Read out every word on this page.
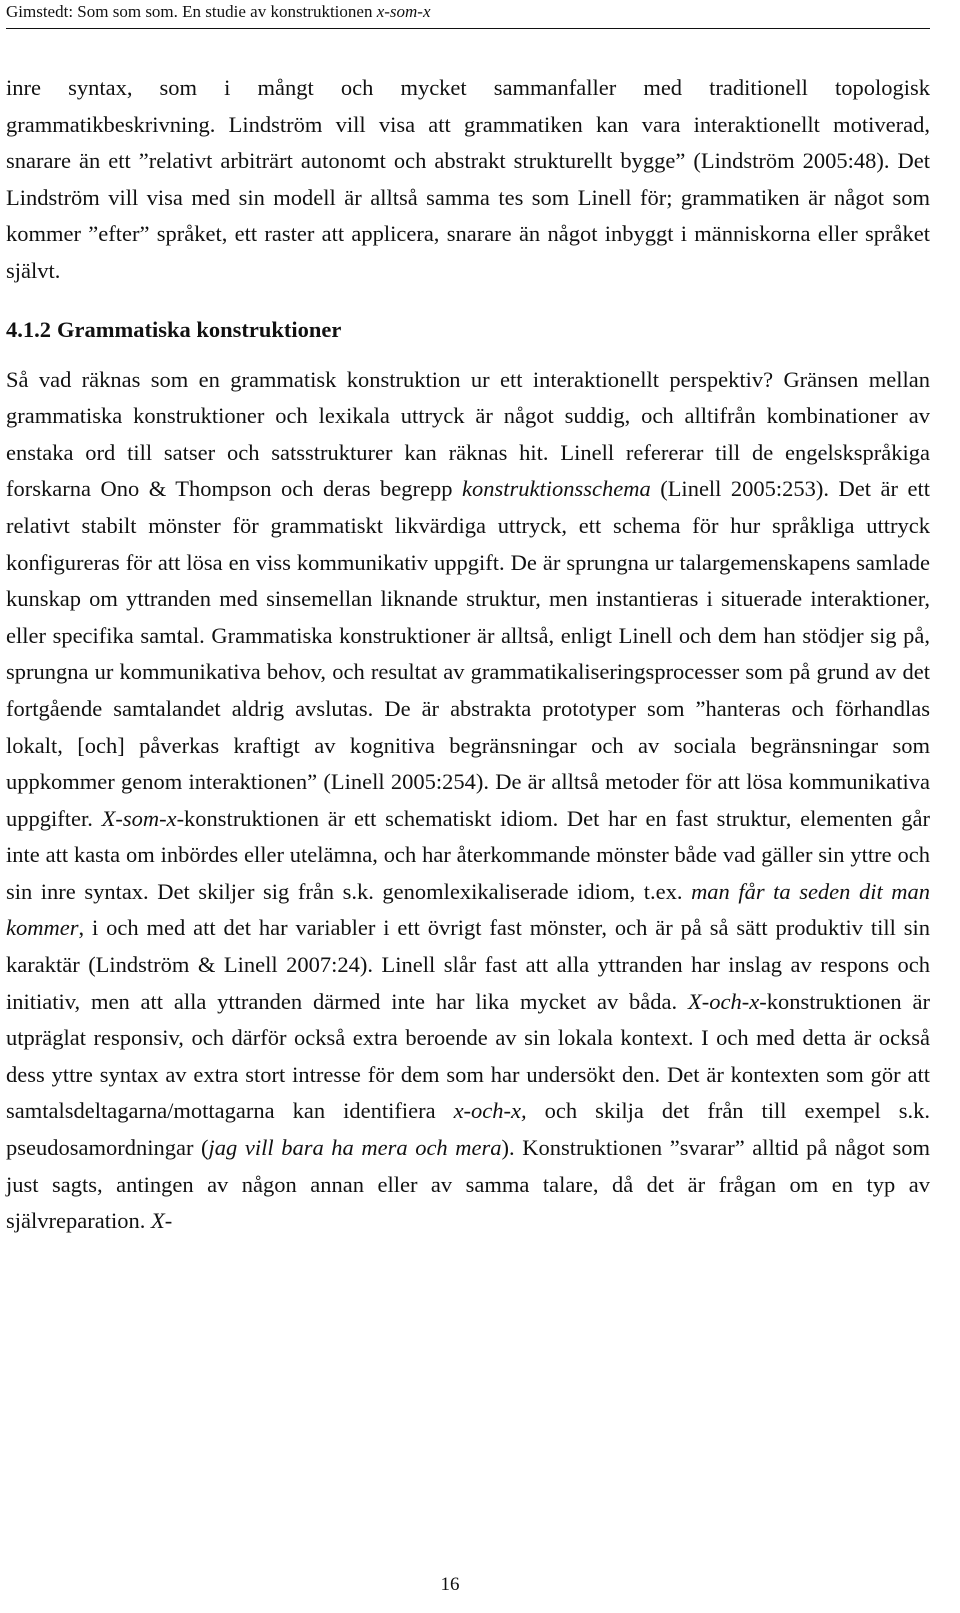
Gimstedt: Som som som. En studie av konstruktionen x-som-x

inre syntax, som i mångt och mycket sammanfaller med traditionell topologisk grammatikbeskrivning. Lindström vill visa att grammatiken kan vara interaktionellt motiverad, snarare än ett ”relativt arbiträrt autonomt och abstrakt strukturellt bygge” (Lindström 2005:48). Det Lindström vill visa med sin modell är alltså samma tes som Linell för; grammatiken är något som kommer ”efter” språket, ett raster att applicera, snarare än något inbyggt i människorna eller språket självt.

4.1.2 Grammatiska konstruktioner

Så vad räknas som en grammatisk konstruktion ur ett interaktionellt perspektiv? Gränsen mellan grammatiska konstruktioner och lexikala uttryck är något suddig, och alltifrån kombinationer av enstaka ord till satser och satsstrukturer kan räknas hit. Linell refererar till de engelskspråkiga forskarna Ono & Thompson och deras begrepp konstruktionsschema (Linell 2005:253). Det är ett relativt stabilt mönster för grammatiskt likvärdiga uttryck, ett schema för hur språkliga uttryck konfigureras för att lösa en viss kommunikativ uppgift. De är sprungna ur talargemenskapens samlade kunskap om yttranden med sinsemellan liknande struktur, men instantieras i situerade interaktioner, eller specifika samtal. Grammatiska konstruktioner är alltså, enligt Linell och dem han stödjer sig på, sprungna ur kommunikativa behov, och resultat av grammatikaliseringsprocesser som på grund av det fortgående samtalandet aldrig avslutas. De är abstrakta prototyper som ”hanteras och förhandlas lokalt, [och] påverkas kraftigt av kognitiva begränsningar och av sociala begränsningar som uppkommer genom interaktionen” (Linell 2005:254). De är alltså metoder för att lösa kommunikativa uppgifter. X-som-x-konstruktionen är ett schematiskt idiom. Det har en fast struktur, elementen går inte att kasta om inbördes eller utelämna, och har återkommande mönster både vad gäller sin yttre och sin inre syntax. Det skiljer sig från s.k. genomlexikaliserade idiom, t.ex. man får ta seden dit man kommer, i och med att det har variabler i ett övrigt fast mönster, och är på så sätt produktiv till sin karaktär (Lindström & Linell 2007:24). Linell slår fast att alla yttranden har inslag av respons och initiativ, men att alla yttranden därmed inte har lika mycket av båda. X-och-x-konstruktionen är utpräglat responsiv, och därför också extra beroende av sin lokala kontext. I och med detta är också dess yttre syntax av extra stort intresse för dem som har undersökt den. Det är kontexten som gör att samtalsdeltagarna/mottagarna kan identifiera x-och-x, och skilja det från till exempel s.k. pseudosamordningar (jag vill bara ha mera och mera). Konstruktionen ”svarar” alltid på något som just sagts, antingen av någon annan eller av samma talare, då det är frågan om en typ av självreparation. X-

16
